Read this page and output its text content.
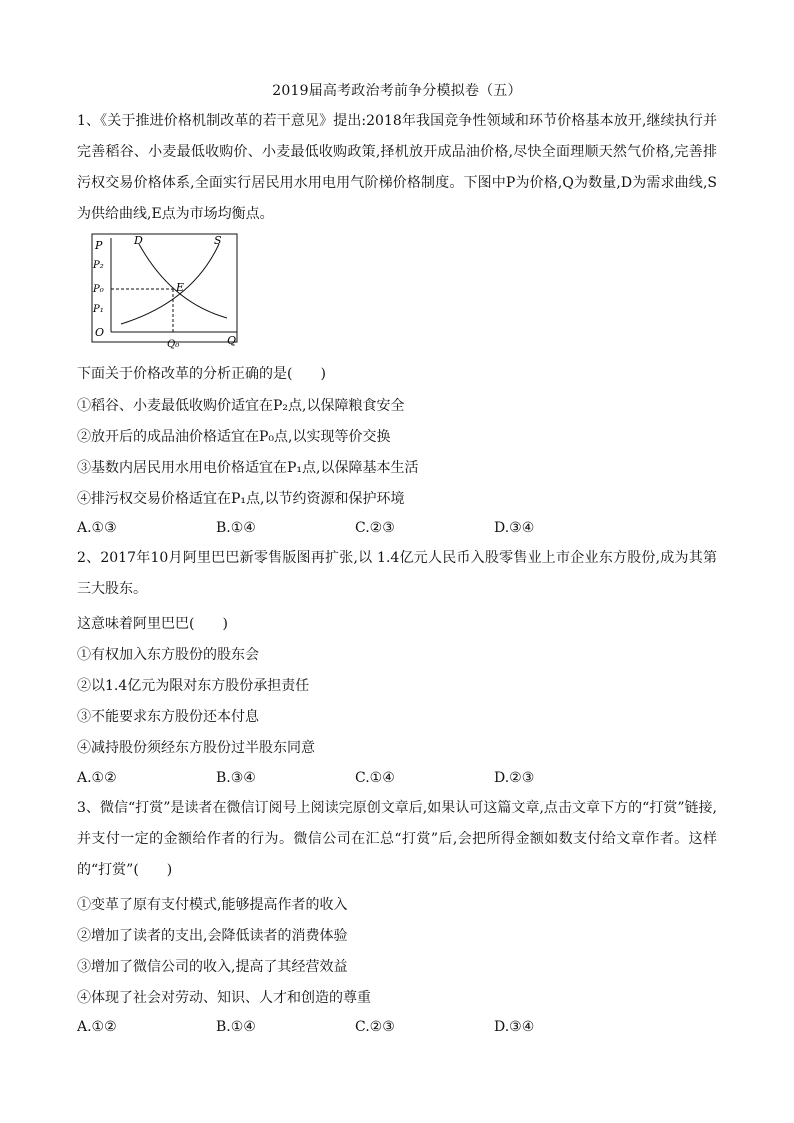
2019届高考政治考前争分模拟卷（五）

1、《关于推进价格机制改革的若干意见》提出:2018年我国竞争性领域和环节价格基本放开,继续执行并完善稻谷、小麦最低收购价、小麦最低收购政策,择机放开成品油价格,尽快全面理顺天然气价格,完善排污权交易价格体系,全面实行居民用水用电用气阶梯价格制度。下图中P为价格,Q为数量,D为需求曲线,S为供给曲线,E点为市场均衡点。

P
P₂
P₀
P₁
O
Q₀	Q
D	S
E

下面关于价格改革的分析正确的是(　　)

①稻谷、小麦最低收购价适宜在P₂点,以保障粮食安全

②放开后的成品油价格适宜在P₀点,以实现等价交换

③基数内居民用水用电价格适宜在P₁点,以保障基本生活

④排污权交易价格适宜在P₁点,以节约资源和保护环境

A.①③	B.①④	C.②③	D.③④

2、2017年10月阿里巴巴新零售版图再扩张,以 1.4亿元人民币入股零售业上市企业东方股份,成为其第三大股东。

这意味着阿里巴巴(　　)

①有权加入东方股份的股东会

②以1.4亿元为限对东方股份承担责任

③不能要求东方股份还本付息

④减持股份须经东方股份过半股东同意

A.①②	B.③④	C.①④	D.②③

3、微信“打赏”是读者在微信订阅号上阅读完原创文章后,如果认可这篇文章,点击文章下方的“打赏”链接,并支付一定的金额给作者的行为。微信公司在汇总“打赏”后,会把所得金额如数支付给文章作者。这样的“打赏”(　　)

①变革了原有支付模式,能够提高作者的收入

②增加了读者的支出,会降低读者的消费体验

③增加了微信公司的收入,提高了其经营效益

④体现了社会对劳动、知识、人才和创造的尊重

A.①②	B.①④	C.②③	D.③④
